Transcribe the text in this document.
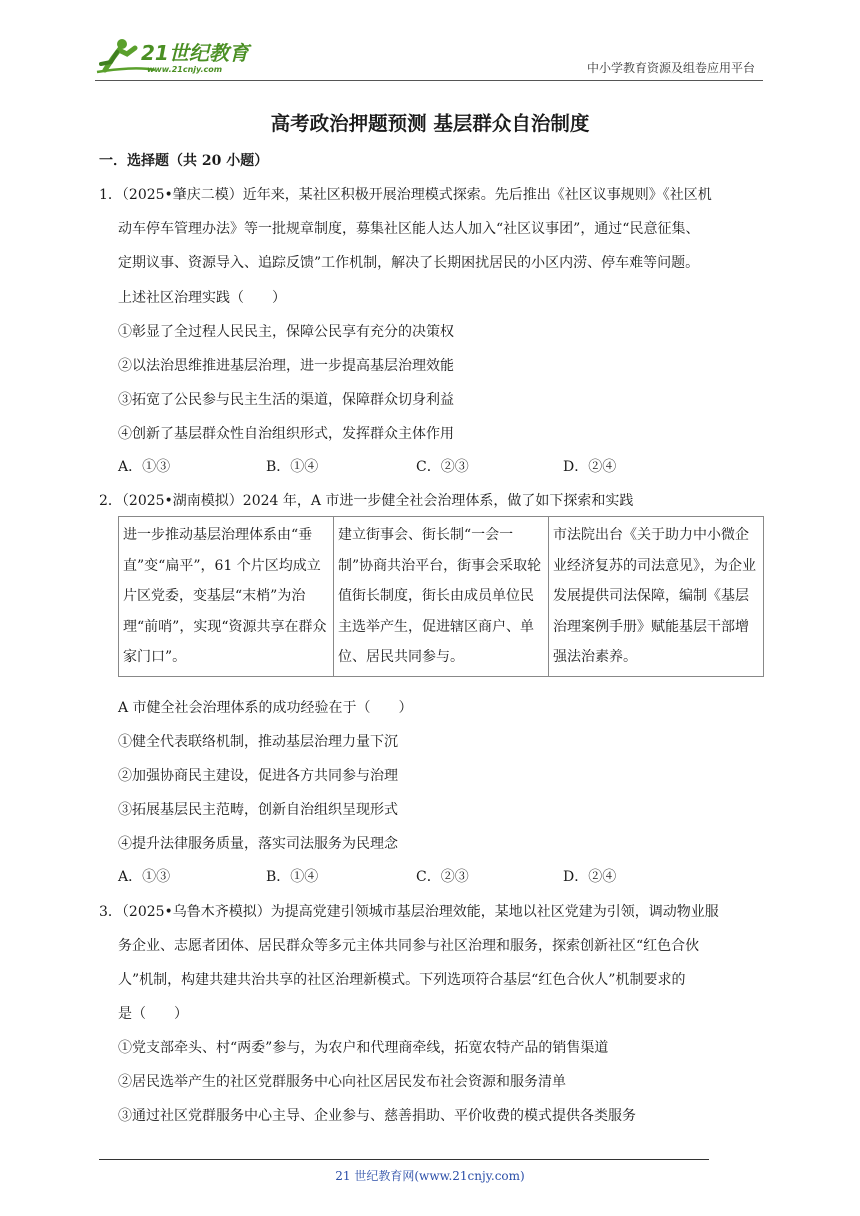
21世纪教育
www.21cnjy.com	中小学教育资源及组卷应用平台
高考政治押题预测 基层群众自治制度
一．选择题（共 20 小题）
1．（2025•肇庆二模）近年来，某社区积极开展治理模式探索。先后推出《社区议事规则》《社区机
动车停车管理办法》等一批规章制度，募集社区能人达人加入“社区议事团”，通过“民意征集、
定期议事、资源导入、追踪反馈”工作机制，解决了长期困扰居民的小区内涝、停车难等问题。
上述社区治理实践（　　）
①彰显了全过程人民民主，保障公民享有充分的决策权
②以法治思维推进基层治理，进一步提高基层治理效能
③拓宽了公民参与民主生活的渠道，保障群众切身利益
④创新了基层群众性自治组织形式，发挥群众主体作用
A．①③	B．①④	C．②③	D．②④
2．（2025•湖南模拟）2024 年，A 市进一步健全社会治理体系，做了如下探索和实践
进一步推动基层治理体系由“垂直”变“扁平”，61 个片区均成立片区党委，变基层“末梢”为治理“前哨”，实现“资源共享在群众家门口”。	建立街事会、街长制“一会一制”协商共治平台，街事会采取轮值街长制度，街长由成员单位民主选举产生，促进辖区商户、单位、居民共同参与。	市法院出台《关于助力中小微企业经济复苏的司法意见》，为企业发展提供司法保障，编制《基层治理案例手册》赋能基层干部增强法治素养。
A 市健全社会治理体系的成功经验在于（　　）
①健全代表联络机制，推动基层治理力量下沉
②加强协商民主建设，促进各方共同参与治理
③拓展基层民主范畴，创新自治组织呈现形式
④提升法律服务质量，落实司法服务为民理念
A．①③	B．①④	C．②③	D．②④
3．（2025•乌鲁木齐模拟）为提高党建引领城市基层治理效能，某地以社区党建为引领，调动物业服
务企业、志愿者团体、居民群众等多元主体共同参与社区治理和服务，探索创新社区“红色合伙
人”机制，构建共建共治共享的社区治理新模式。下列选项符合基层“红色合伙人”机制要求的
是（　　）
①党支部牵头、村“两委”参与，为农户和代理商牵线，拓宽农特产品的销售渠道
②居民选举产生的社区党群服务中心向社区居民发布社会资源和服务清单
③通过社区党群服务中心主导、企业参与、慈善捐助、平价收费的模式提供各类服务
21 世纪教育网(www.21cnjy.com)
